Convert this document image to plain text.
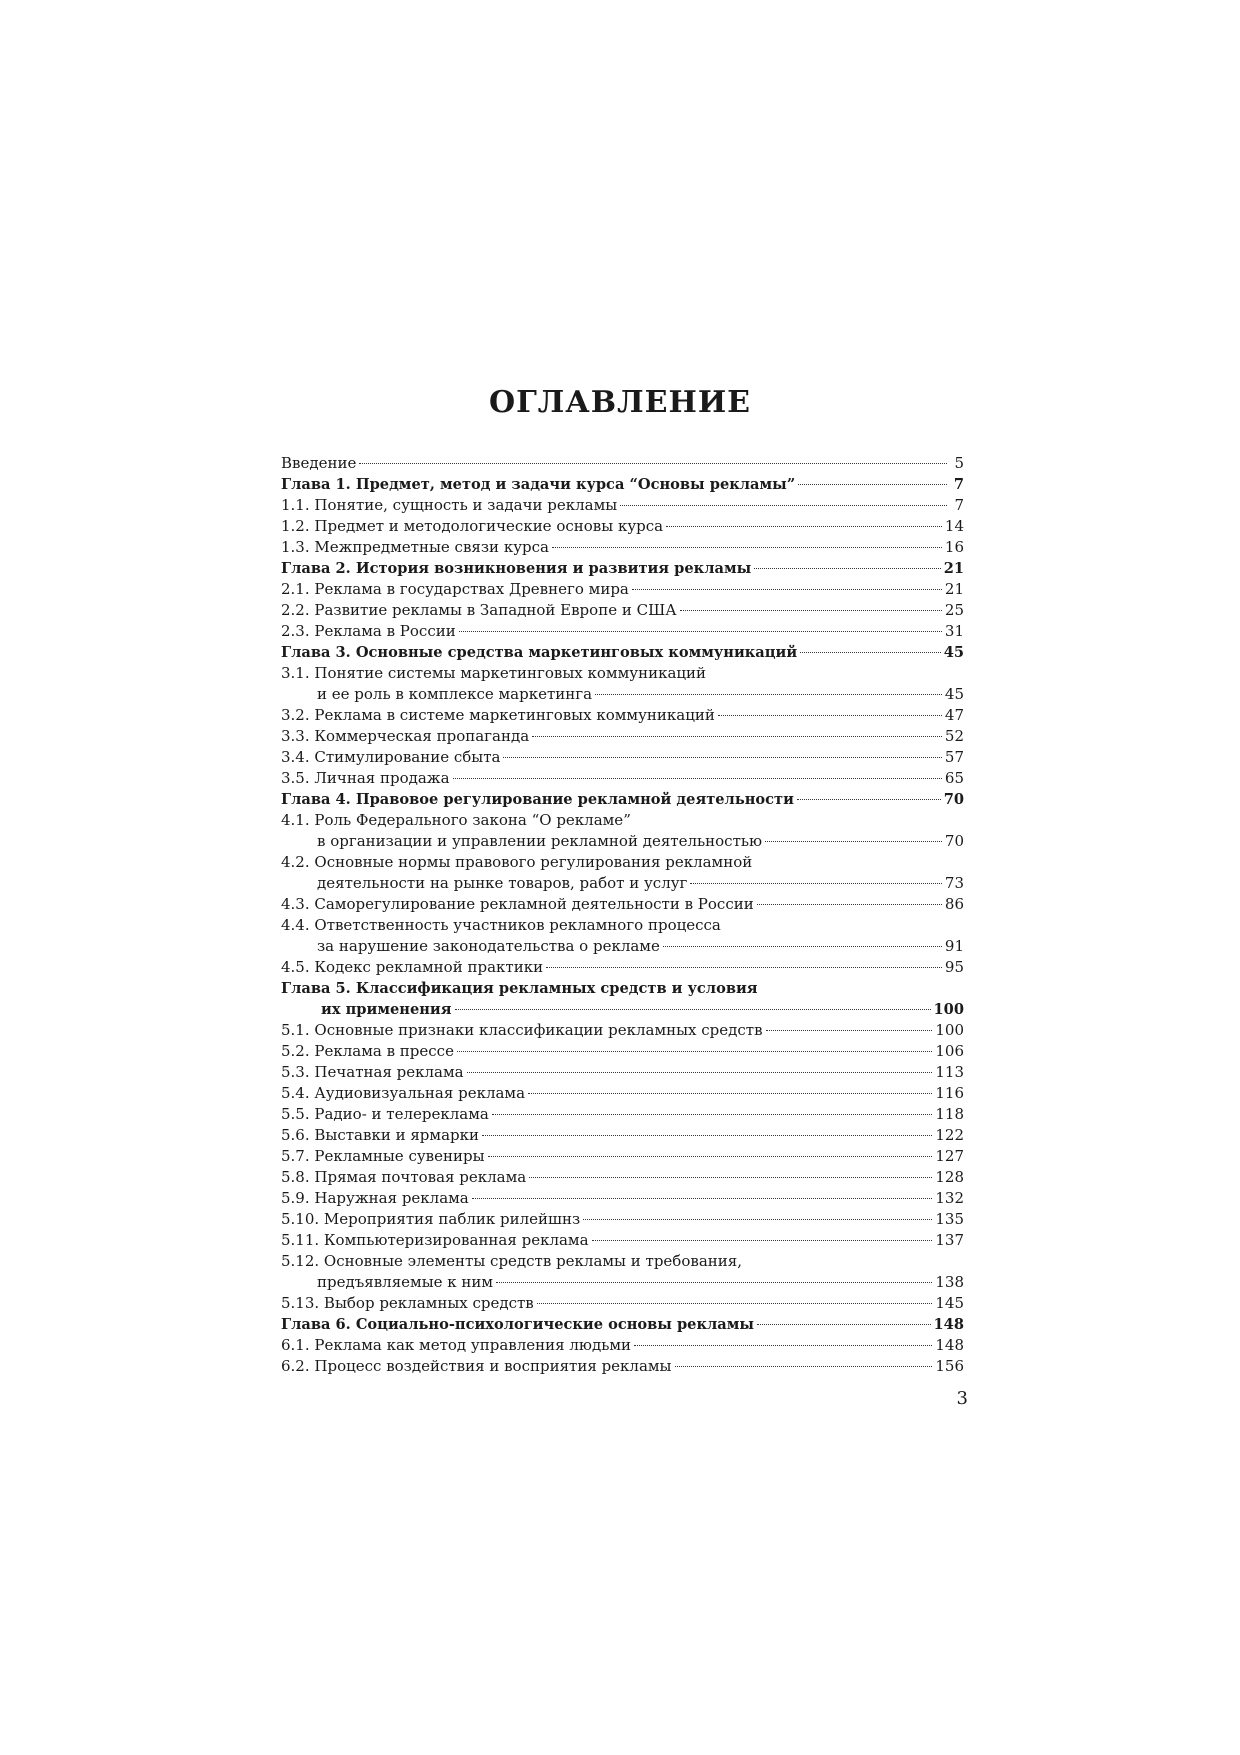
ОГЛАВЛЕНИЕ
Введение	5
Глава 1. Предмет, метод и задачи курса “Основы рекламы”	7
1.1. Понятие, сущность и задачи рекламы	7
1.2. Предмет и методологические основы курса	14
1.3. Межпредметные связи курса	16
Глава 2. История возникновения и развития рекламы	21
2.1. Реклама в государствах Древнего мира	21
2.2. Развитие рекламы в Западной Европе и США	25
2.3. Реклама в России	31
Глава 3. Основные средства маркетинговых коммуникаций	45
3.1. Понятие системы маркетинговых коммуникаций
и ее роль в комплексе маркетинга	45
3.2. Реклама в системе маркетинговых коммуникаций	47
3.3. Коммерческая пропаганда	52
3.4. Стимулирование сбыта	57
3.5. Личная продажа	65
Глава 4. Правовое регулирование рекламной деятельности	70
4.1. Роль Федерального закона “О рекламе”
в организации и управлении рекламной деятельностью	70
4.2. Основные нормы правового регулирования рекламной
деятельности на рынке товаров, работ и услуг	73
4.3. Саморегулирование рекламной деятельности в России	86
4.4. Ответственность участников рекламного процесса
за нарушение законодательства о рекламе	91
4.5. Кодекс рекламной практики	95
Глава 5. Классификация рекламных средств и условия
их применения	100
5.1. Основные признаки классификации рекламных средств	100
5.2. Реклама в прессе	106
5.3. Печатная реклама	113
5.4. Аудиовизуальная реклама	116
5.5. Радио- и телереклама	118
5.6. Выставки и ярмарки	122
5.7. Рекламные сувениры	127
5.8. Прямая почтовая реклама	128
5.9. Наружная реклама	132
5.10. Мероприятия паблик рилейшнз	135
5.11. Компьютеризированная реклама	137
5.12. Основные элементы средств рекламы и требования,
предъявляемые к ним	138
5.13. Выбор рекламных средств	145
Глава 6. Социально-психологические основы рекламы	148
6.1. Реклама как метод управления людьми	148
6.2. Процесс воздействия и восприятия рекламы	156
3
